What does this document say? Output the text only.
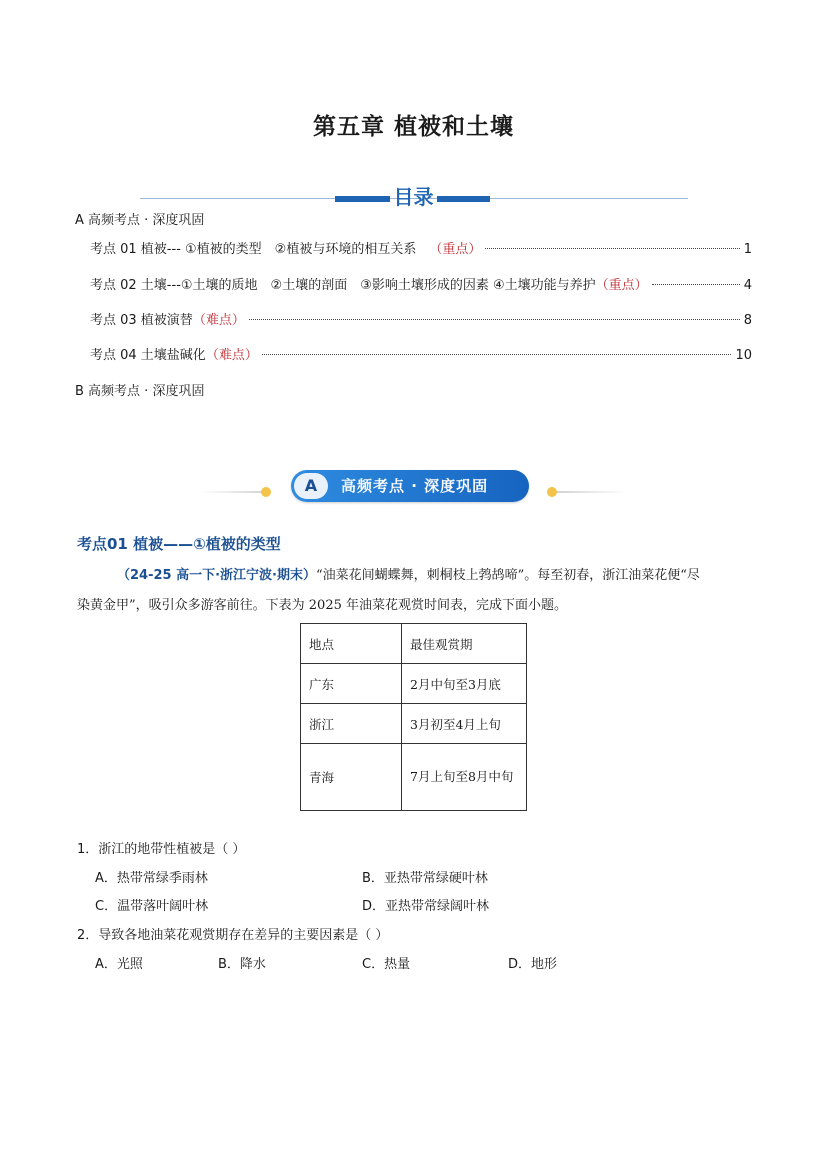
第五章 植被和土壤
目录
A 高频考点 · 深度巩固
考点 01 植被--- ①植被的类型　②植被与环境的相互关系　 （重点）	1
考点 02 土壤---①土壤的质地　②土壤的剖面　③影响土壤形成的因素 ④土壤功能与养护 （重点）	4
考点 03 植被演替 （难点）	8
考点 04 土壤盐碱化 （难点）	10
B 高频考点 · 深度巩固
A	高频考点 · 深度巩固
考点01 植被——①植被的类型
（24-25 高一下·浙江宁波·期末）“油菜花间蝴蝶舞，刺桐枝上鹁鸪啼”。每至初春，浙江油菜花便“尽
染黄金甲”，吸引众多游客前往。下表为 2025 年油菜花观赏时间表，完成下面小题。
地点	最佳观赏期
广东	2月中旬至3月底
浙江	3月初至4月上旬
青海	7月上旬至8月中旬
1．浙江的地带性植被是（ ）
A．热带常绿季雨林	B．亚热带常绿硬叶林
C．温带落叶阔叶林	D．亚热带常绿阔叶林
2．导致各地油菜花观赏期存在差异的主要因素是（ ）
A．光照	B．降水	C．热量	D．地形
